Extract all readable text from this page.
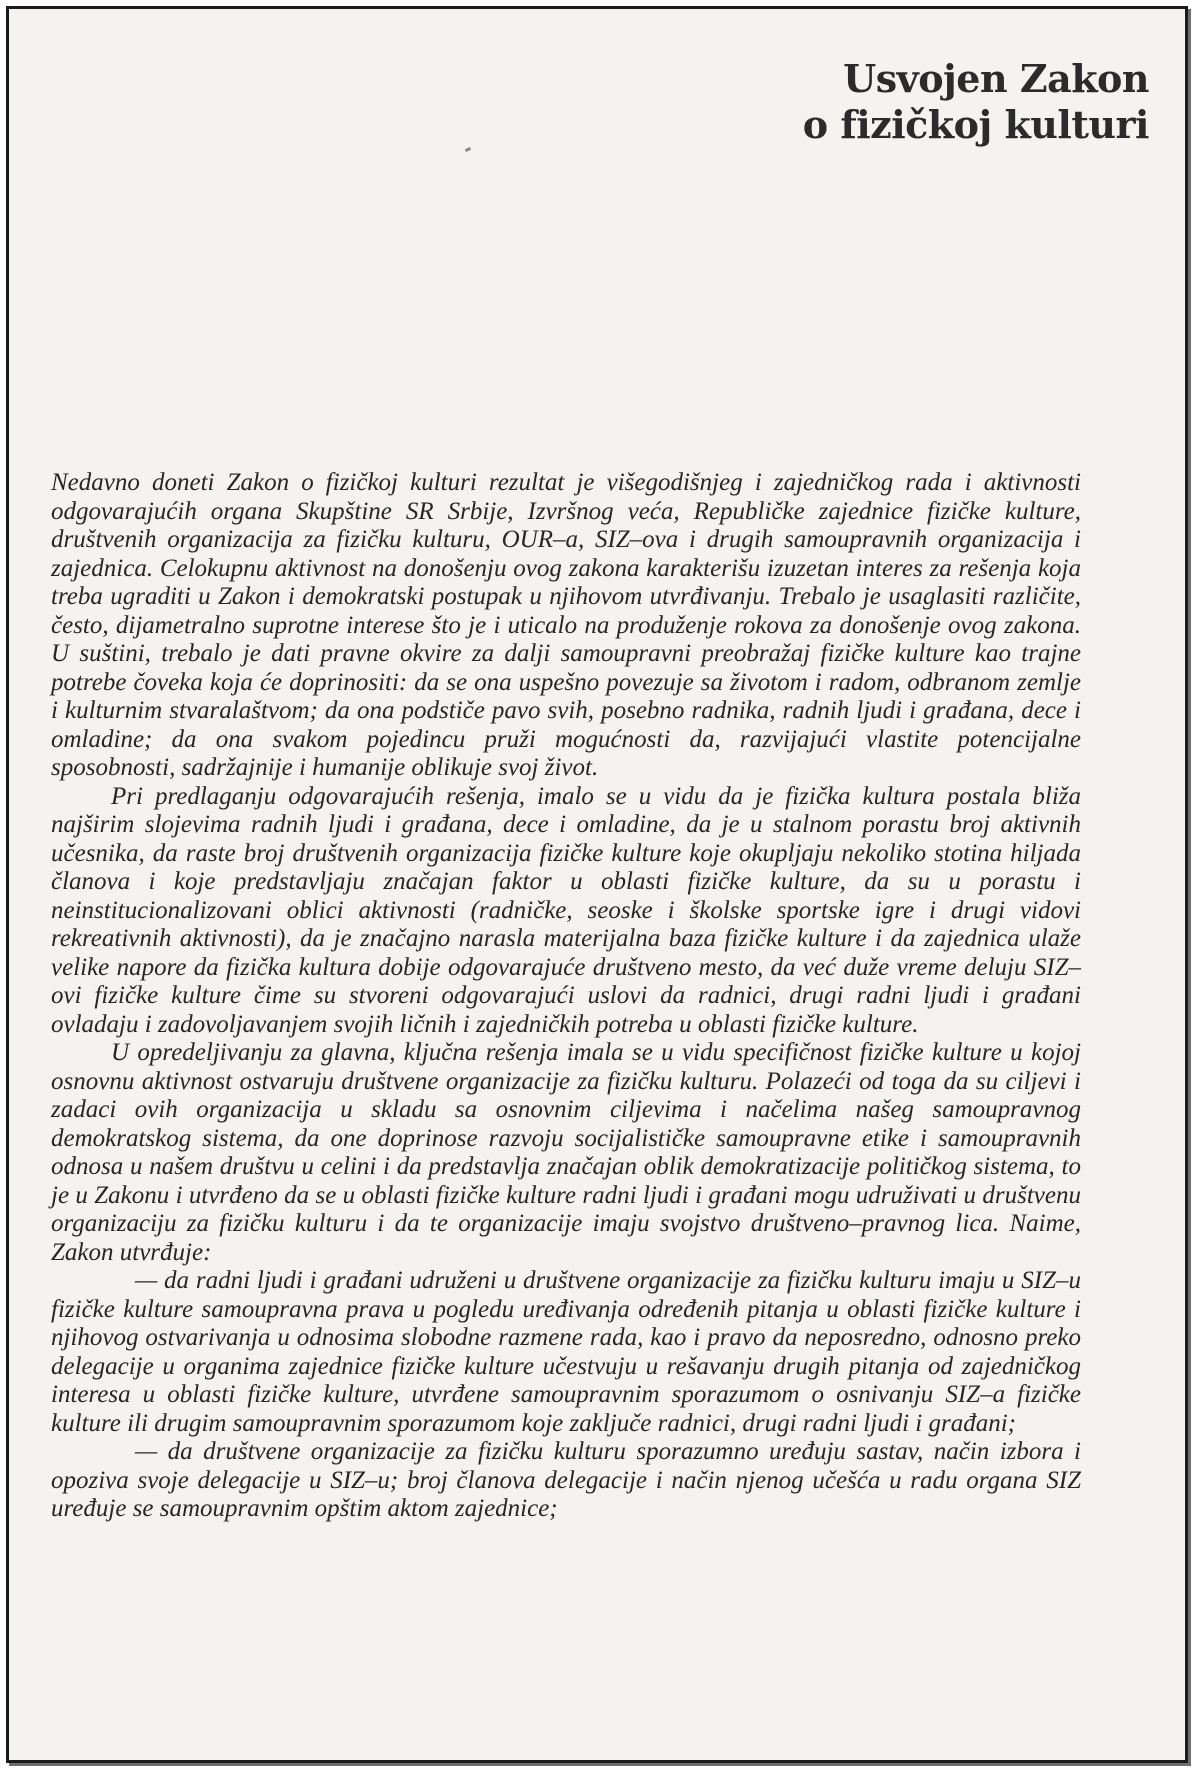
Usvojen Zakon
o fizičkoj kulturi

Nedavno doneti Zakon o fizičkoj kulturi rezultat je višegodišnjeg i zajedničkog rada i aktivnosti odgovarajućih organa Skupštine SR Srbije, Izvršnog veća, Republičke zajednice fizičke kulture, društvenih organizacija za fizičku kulturu, OUR–a, SIZ–ova i drugih samoupravnih organizacija i zajednica. Celokupnu aktivnost na donošenju ovog zakona karakterišu izuzetan interes za rešenja koja treba ugraditi u Zakon i demokratski postupak u njihovom utvrđivanju. Trebalo je usaglasiti različite, često, dijametralno suprotne interese što je i uticalo na produženje rokova za donošenje ovog zakona. U suštini, trebalo je dati pravne okvire za dalji samoupravni preobražaj fizičke kulture kao trajne potrebe čoveka koja će doprinositi: da se ona uspešno povezuje sa životom i radom, odbranom zemlje i kulturnim stvaralaštvom; da ona podstiče pavo svih, posebno radnika, radnih ljudi i građana, dece i omladine; da ona svakom pojedincu pruži mogućnosti da, razvijajući vlastite potencijalne sposobnosti, sadržajnije i humanije oblikuje svoj život.

Pri predlaganju odgovarajućih rešenja, imalo se u vidu da je fizička kultura postala bliža najširim slojevima radnih ljudi i građana, dece i omladine, da je u stalnom porastu broj aktivnih učesnika, da raste broj društvenih organizacija fizičke kulture koje okupljaju nekoliko stotina hiljada članova i koje predstavljaju značajan faktor u oblasti fizičke kulture, da su u porastu i neinstitucionalizovani oblici aktivnosti (radničke, seoske i školske sportske igre i drugi vidovi rekreativnih aktivnosti), da je značajno narasla materijalna baza fizičke kulture i da zajednica ulaže velike napore da fizička kultura dobije odgovarajuće društveno mesto, da već duže vreme deluju SIZ–ovi fizičke kulture čime su stvoreni odgovarajući uslovi da radnici, drugi radni ljudi i građani ovladaju i zadovoljavanjem svojih ličnih i zajedničkih potreba u oblasti fizičke kulture.

U opredeljivanju za glavna, ključna rešenja imala se u vidu specifičnost fizičke kulture u kojoj osnovnu aktivnost ostvaruju društvene organizacije za fizičku kulturu. Polazeći od toga da su ciljevi i zadaci ovih organizacija u skladu sa osnovnim ciljevima i načelima našeg samoupravnog demokratskog sistema, da one doprinose razvoju socijalističke samoupravne etike i samoupravnih odnosa u našem društvu u celini i da predstavlja značajan oblik demokratizacije političkog sistema, to je u Zakonu i utvrđeno da se u oblasti fizičke kulture radni ljudi i građani mogu udruživati u društvenu organizaciju za fizičku kulturu i da te organizacije imaju svojstvo društveno–pravnog lica. Naime, Zakon utvrđuje:

— da radni ljudi i građani udruženi u društvene organizacije za fizičku kulturu imaju u SIZ–u fizičke kulture samoupravna prava u pogledu uređivanja određenih pitanja u oblasti fizičke kulture i njihovog ostvarivanja u odnosima slobodne razmene rada, kao i pravo da neposredno, odnosno preko delegacije u organima zajednice fizičke kulture učestvuju u rešavanju drugih pitanja od zajedničkog interesa u oblasti fizičke kulture, utvrđene samoupravnim sporazumom o osnivanju SIZ–a fizičke kulture ili drugim samoupravnim sporazumom koje zaključe radnici, drugi radni ljudi i građani;

— da društvene organizacije za fizičku kulturu sporazumno uređuju sastav, način izbora i opoziva svoje delegacije u SIZ–u; broj članova delegacije i način njenog učešća u radu organa SIZ uređuje se samoupravnim opštim aktom zajednice;
